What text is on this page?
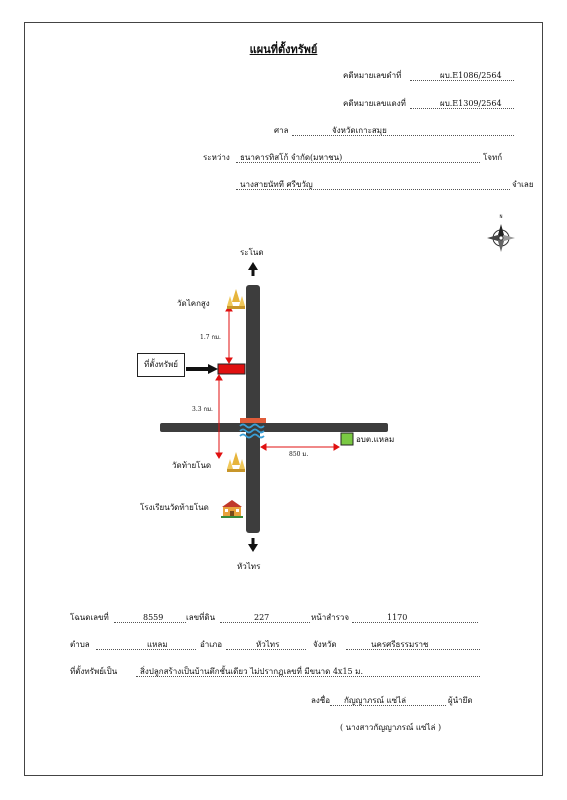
แผนที่ตั้งทรัพย์
คดีหมายเลขดำที่	ผบ.E1086/2564
คดีหมายเลขแดงที่	ผบ.E1309/2564
ศาล	จังหวัดเกาะสมุย
ระหว่าง ธนาคารทิสโก้ จำกัด(มหาชน)	โจทก์
นางสายนัทที ศรีขวัญ	จำเลย
N
ระโนด
หัวไทร
วัดไคกสูง
1.7 กม.
ที่ตั้งทรัพย์
3.3 กม.
วัดท้ายโนด
อบต.แหลม
850 ม.
โรงเรียนวัดท้ายโนด
โฉนดเลขที่	8559	เลขที่ดิน	227	หน้าสำรวจ	1170
ตำบล	แหลม	อำเภอ	หัวไทร	จังหวัด	นครศรีธรรมราช
ที่ตั้งทรัพย์เป็น	สิ่งปลูกสร้างเป็นบ้านตึกชั้นเดียว ไม่ปรากฏเลขที่ มีขนาด 4x15 ม.
ลงชื่อ กัญญาภรณ์ แซ่ไล่	ผู้นำยึด
( นางสาวกัญญาภรณ์ แซ่ไล่ )
